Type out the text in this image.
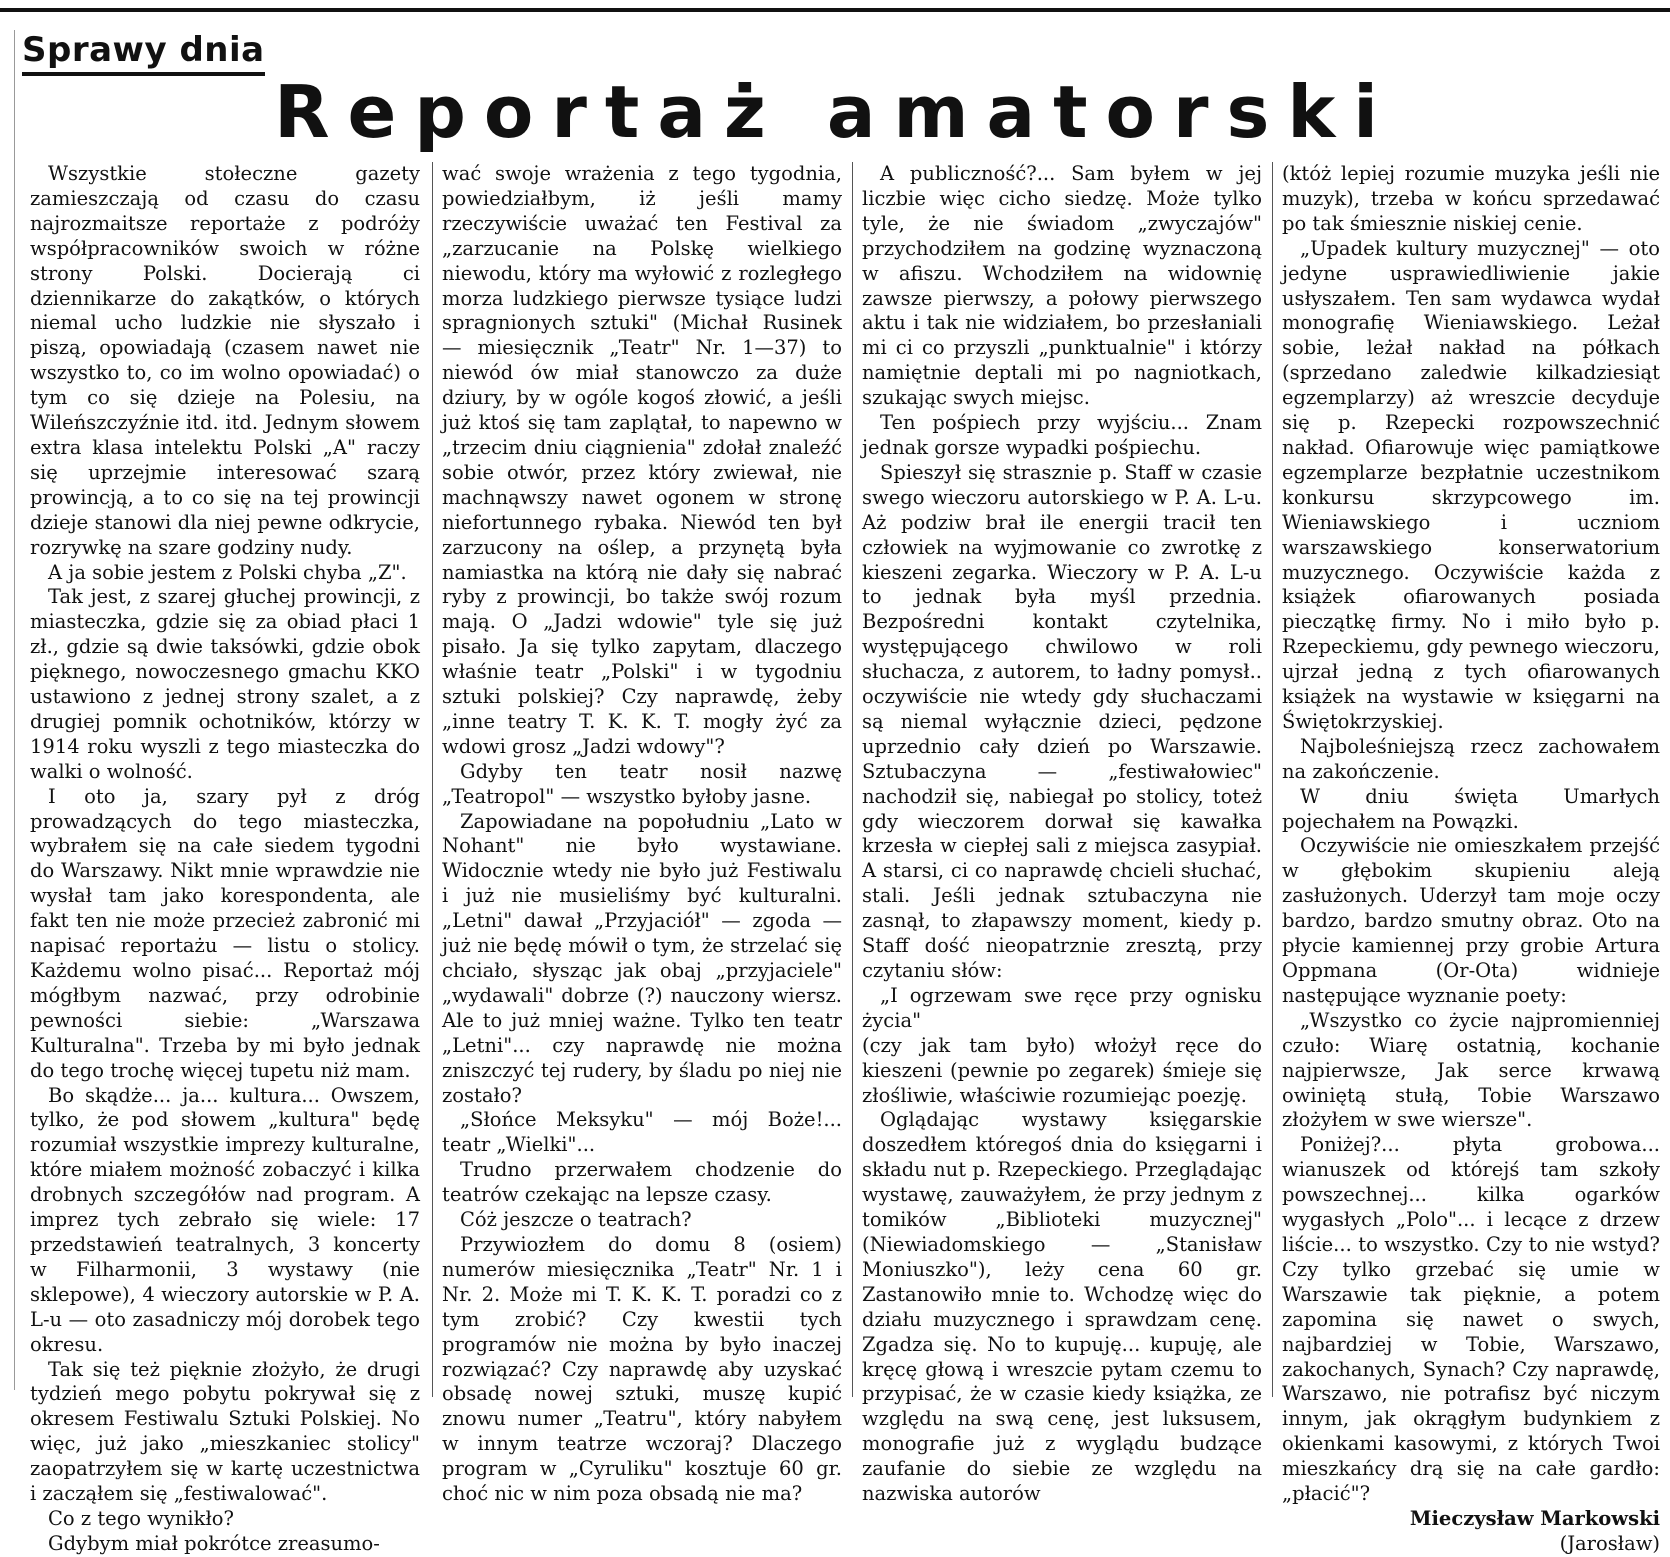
Sprawy dnia
Reportaż amatorski

Wszystkie stołeczne gazety zamieszczają od czasu do czasu najrozmaitsze reportaże z podróży współpracowników swoich w różne strony Polski. Docierają ci dziennikarze do zakątków, o których niemal ucho ludzkie nie słyszało i piszą, opowiadają (czasem nawet nie wszystko to, co im wolno opowiadać) o tym co się dzieje na Polesiu, na Wileńszczyźnie itd. itd. Jednym słowem extra klasa intelektu Polski „A" raczy się uprzejmie interesować szarą prowincją, a to co się na tej prowincji dzieje stanowi dla niej pewne odkrycie, rozrywkę na szare godziny nudy.

A ja sobie jestem z Polski chyba „Z".

Tak jest, z szarej głuchej prowincji, z miasteczka, gdzie się za obiad płaci 1 zł., gdzie są dwie taksówki, gdzie obok pięknego, nowoczesnego gmachu KKO ustawiono z jednej strony szalet, a z drugiej pomnik ochotników, którzy w 1914 roku wyszli z tego miasteczka do walki o wolność.

I oto ja, szary pył z dróg prowadzących do tego miasteczka, wybrałem się na całe siedem tygodni do Warszawy. Nikt mnie wprawdzie nie wysłał tam jako korespondenta, ale fakt ten nie może przecież zabronić mi napisać reportażu — listu o stolicy. Każdemu wolno pisać... Reportaż mój mógłbym nazwać, przy odrobinie pewności siebie: „Warszawa Kulturalna". Trzeba by mi było jednak do tego trochę więcej tupetu niż mam.

Bo skądże... ja... kultura... Owszem, tylko, że pod słowem „kultura" będę rozumiał wszystkie imprezy kulturalne, które miałem możność zobaczyć i kilka drobnych szczegółów nad program. A imprez tych zebrało się wiele: 17 przedstawień teatralnych, 3 koncerty w Filharmonii, 3 wystawy (nie sklepowe), 4 wieczory autorskie w P. A. L-u — oto zasadniczy mój dorobek tego okresu.

Tak się też pięknie złożyło, że drugi tydzień mego pobytu pokrywał się z okresem Festiwalu Sztuki Polskiej. No więc, już jako „mieszkaniec stolicy" zaopatrzyłem się w kartę uczestnictwa i zacząłem się „festiwalować".

Co z tego wynikło?

Gdybym miał pokrótce zreasumo-

wać swoje wrażenia z tego tygodnia, powiedziałbym, iż jeśli mamy rzeczywiście uważać ten Festival za „zarzucanie na Polskę wielkiego niewodu, który ma wyłowić z rozległego morza ludzkiego pierwsze tysiące ludzi spragnionych sztuki" (Michał Rusinek — miesięcznik „Teatr" Nr. 1—37) to niewód ów miał stanowczo za duże dziury, by w ogóle kogoś złowić, a jeśli już ktoś się tam zaplątał, to napewno w „trzecim dniu ciągnienia" zdołał znaleźć sobie otwór, przez który zwiewał, nie machnąwszy nawet ogonem w stronę niefortunnego rybaka. Niewód ten był zarzucony na oślep, a przynętą była namiastka na którą nie dały się nabrać ryby z prowincji, bo także swój rozum mają. O „Jadzi wdowie" tyle się już pisało. Ja się tylko zapytam, dlaczego właśnie teatr „Polski" i w tygodniu sztuki polskiej? Czy naprawdę, żeby „inne teatry T. K. K. T. mogły żyć za wdowi grosz „Jadzi wdowy"?

Gdyby ten teatr nosił nazwę „Teatropol" — wszystko byłoby jasne.

Zapowiadane na popołudniu „Lato w Nohant" nie było wystawiane. Widocznie wtedy nie było już Festiwalu i już nie musieliśmy być kulturalni. „Letni" dawał „Przyjaciół" — zgoda — już nie będę mówił o tym, że strzelać się chciało, słysząc jak obaj „przyjaciele" „wydawali" dobrze (?) nauczony wiersz. Ale to już mniej ważne. Tylko ten teatr „Letni"... czy naprawdę nie można zniszczyć tej rudery, by śladu po niej nie zostało?

„Słońce Meksyku" — mój Boże!... teatr „Wielki"...

Trudno przerwałem chodzenie do teatrów czekając na lepsze czasy.

Cóż jeszcze o teatrach?

Przywiozłem do domu 8 (osiem) numerów miesięcznika „Teatr" Nr. 1 i Nr. 2. Może mi T. K. K. T. poradzi co z tym zrobić? Czy kwestii tych programów nie można by było inaczej rozwiązać? Czy naprawdę aby uzyskać obsadę nowej sztuki, muszę kupić znowu numer „Teatru", który nabyłem w innym teatrze wczoraj? Dlaczego program w „Cyruliku" kosztuje 60 gr. choć nic w nim poza obsadą nie ma?

A publiczność?... Sam byłem w jej liczbie więc cicho siedzę. Może tylko tyle, że nie świadom „zwyczajów" przychodziłem na godzinę wyznaczoną w afiszu. Wchodziłem na widownię zawsze pierwszy, a połowy pierwszego aktu i tak nie widziałem, bo przesłaniali mi ci co przyszli „punktualnie" i którzy namiętnie deptali mi po nagniotkach, szukając swych miejsc.

Ten pośpiech przy wyjściu... Znam jednak gorsze wypadki pośpiechu.

Spieszył się strasznie p. Staff w czasie swego wieczoru autorskiego w P. A. L-u. Aż podziw brał ile energii tracił ten człowiek na wyjmowanie co zwrotkę z kieszeni zegarka. Wieczory w P. A. L-u to jednak była myśl przednia. Bezpośredni kontakt czytelnika, występującego chwilowo w roli słuchacza, z autorem, to ładny pomysł.. oczywiście nie wtedy gdy słuchaczami są niemal wyłącznie dzieci, pędzone uprzednio cały dzień po Warszawie. Sztubaczyna — „festiwałowiec" nachodził się, nabiegał po stolicy, toteż gdy wieczorem dorwał się kawałka krzesła w ciepłej sali z miejsca zasypiał. A starsi, ci co naprawdę chcieli słuchać, stali. Jeśli jednak sztubaczyna nie zasnął, to złapawszy moment, kiedy p. Staff dość nieopatrznie zresztą, przy czytaniu słów:

„I ogrzewam swe ręce przy ognisku życia"

(czy jak tam było) włożył ręce do kieszeni (pewnie po zegarek) śmieje się złośliwie, właściwie rozumiejąc poezję.

Oglądając wystawy księgarskie doszedłem któregoś dnia do księgarni i składu nut p. Rzepeckiego. Przeglądając wystawę, zauważyłem, że przy jednym z tomików „Biblioteki muzycznej" (Niewiadomskiego — „Stanisław Moniuszko"), leży cena 60 gr. Zastanowiło mnie to. Wchodzę więc do działu muzycznego i sprawdzam cenę. Zgadza się. No to kupuję... kupuję, ale kręcę głową i wreszcie pytam czemu to przypisać, że w czasie kiedy książka, ze względu na swą cenę, jest luksusem, monografie już z wyglądu budzące zaufanie do siebie ze względu na nazwiska autorów

(któż lepiej rozumie muzyka jeśli nie muzyk), trzeba w końcu sprzedawać po tak śmiesznie niskiej cenie.

„Upadek kultury muzycznej" — oto jedyne usprawiedliwienie jakie usłyszałem. Ten sam wydawca wydał monografię Wieniawskiego. Leżał sobie, leżał nakład na półkach (sprzedano zaledwie kilkadziesiąt egzemplarzy) aż wreszcie decyduje się p. Rzepecki rozpowszechnić nakład. Ofiarowuje więc pamiątkowe egzemplarze bezpłatnie uczestnikom konkursu skrzypcowego im. Wieniawskiego i uczniom warszawskiego konserwatorium muzycznego. Oczywiście każda z książek ofiarowanych posiada pieczątkę firmy. No i miło było p. Rzepeckiemu, gdy pewnego wieczoru, ujrzał jedną z tych ofiarowanych książek na wystawie w księgarni na Świętokrzyskiej.

Najboleśniejszą rzecz zachowałem na zakończenie.

W dniu święta Umarłych pojechałem na Powązki.

Oczywiście nie omieszkałem przejść w głębokim skupieniu aleją zasłużonych. Uderzył tam moje oczy bardzo, bardzo smutny obraz. Oto na płycie kamiennej przy grobie Artura Oppmana (Or-Ota) widnieje następujące wyznanie poety:

„Wszystko co życie najpromienniej czuło: Wiarę ostatnią, kochanie najpierwsze, Jak serce krwawą owiniętą stułą, Tobie Warszawo złożyłem w swe wiersze".

Poniżej?... płyta grobowa... wianuszek od którejś tam szkoły powszechnej... kilka ogarków wygasłych „Polo"... i lecące z drzew liście... to wszystko. Czy to nie wstyd? Czy tylko grzebać się umie w Warszawie tak pięknie, a potem zapomina się nawet o swych, najbardziej w Tobie, Warszawo, zakochanych, Synach? Czy naprawdę, Warszawo, nie potrafisz być niczym innym, jak okrągłym budynkiem z okienkami kasowymi, z których Twoi mieszkańcy drą się na całe gardło: „płacić"?

Mieczysław Markowski

(Jarosław)
